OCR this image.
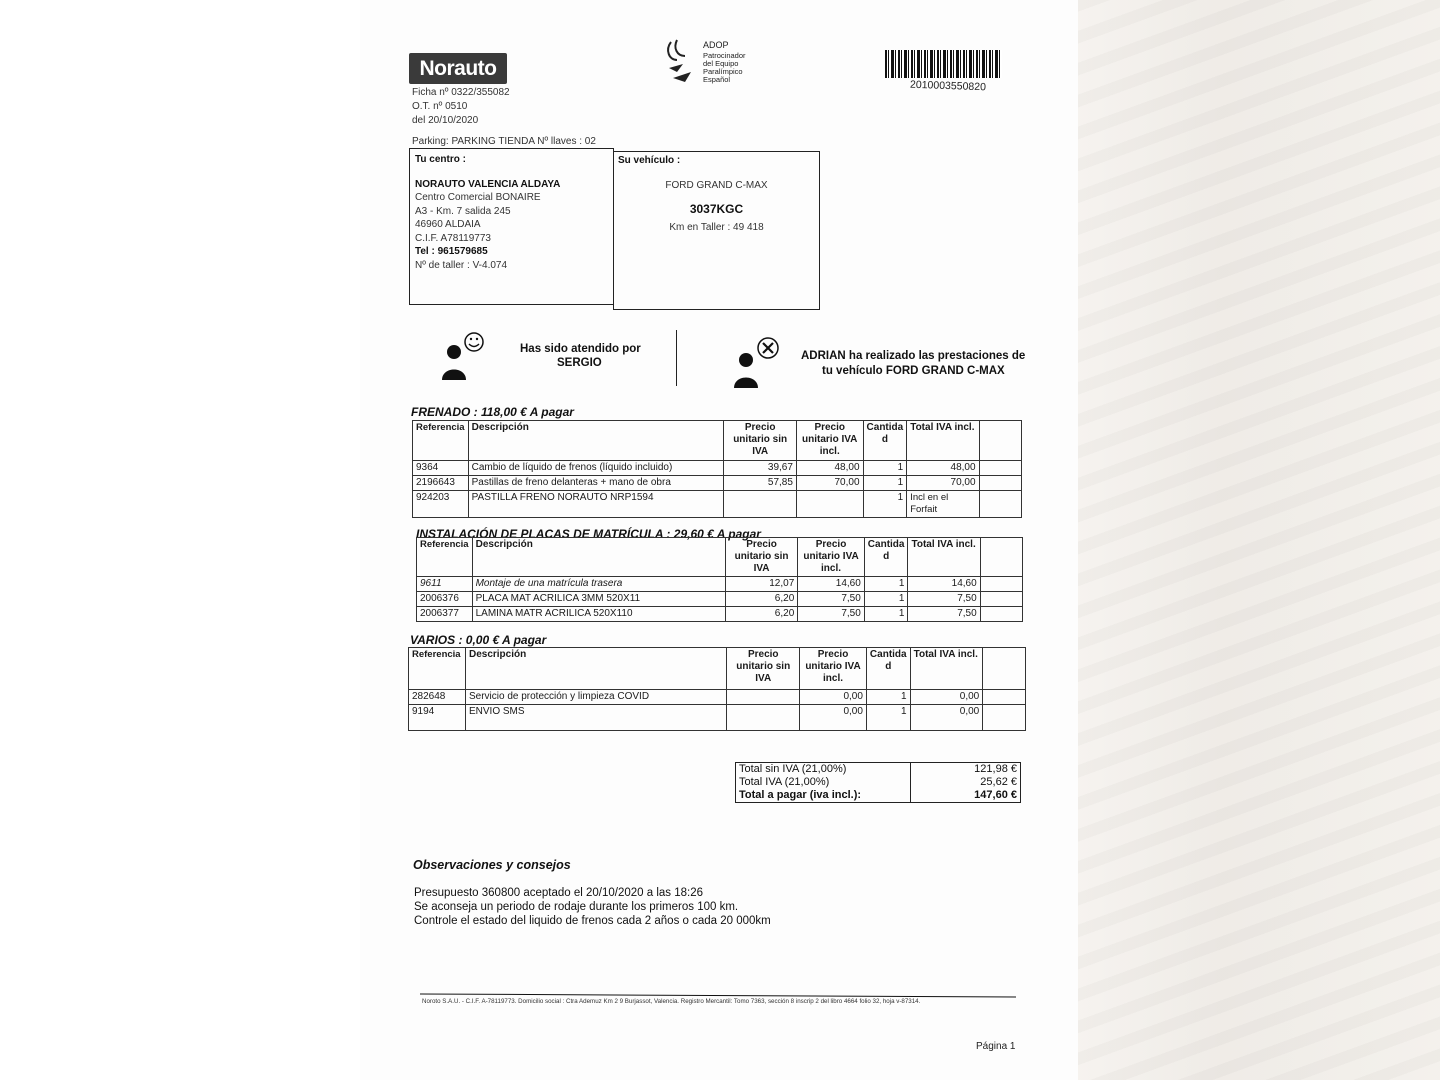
Norauto
Ficha nº 0322/355082
O.T. nº 0510
del 20/10/2020
ADOP
Patrocinador
del Equipo
Paralímpico
Español	2010003550820
Parking: PARKING TIENDA Nº llaves : 02
Tu centro :
NORAUTO VALENCIA ALDAYA
Centro Comercial BONAIRE
A3 - Km. 7 salida 245
46960 ALDAIA
C.I.F. A78119773
Tel : 961579685
Nº de taller : V-4.074
Su vehículo :
FORD GRAND C-MAX
3037KGC
Km en Taller : 49 418
Has sido atendido por
SERGIO
ADRIAN ha realizado las prestaciones de
tu vehículo FORD GRAND C-MAX
FRENADO : 118,00 € A pagar
Referencia	Descripción	Precio unitario sin IVA	Precio unitario IVA incl.	Cantida d	Total IVA incl.	
9364	Cambio de líquido de frenos (líquido incluido)	39,67	48,00	1	48,00	
2196643	Pastillas de freno delanteras + mano de obra	57,85	70,00	1	70,00	
924203	PASTILLA FRENO NORAUTO NRP1594			1	Incl en el Forfait	
INSTALACIÓN DE PLACAS DE MATRÍCULA : 29,60 € A pagar
Referencia	Descripción	Precio unitario sin IVA	Precio unitario IVA incl.	Cantida d	Total IVA incl.	
9611	Montaje de una matrícula trasera	12,07	14,60	1	14,60	
2006376	PLACA MAT ACRILICA 3MM 520X11	6,20	7,50	1	7,50	
2006377	LAMINA MATR ACRILICA 520X110	6,20	7,50	1	7,50	
VARIOS : 0,00 € A pagar
Referencia	Descripción	Precio unitario sin IVA	Precio unitario IVA incl.	Cantida d	Total IVA incl.	
282648	Servicio de protección y limpieza COVID		0,00	1	0,00	
9194	ENVIO SMS		0,00	1	0,00	
Total sin IVA (21,00%)	121,98 €
Total IVA (21,00%)	25,62 €
Total a pagar (iva incl.):	147,60 €
Observaciones y consejos
Presupuesto 360800 aceptado el 20/10/2020 a las 18:26
Se aconseja un periodo de rodaje durante los primeros 100 km.
Controle el estado del liquido de frenos cada 2 años o cada 20 000km
Noroto S.A.U. - C.I.F. A-78119773. Domicilio social : Ctra Ademuz Km 2 9 Burjassot, Valencia. Registro Mercantil: Tomo 7363, sección 8 inscrip 2 del libro 4664 folio 32, hoja v-87314.
Página 1
